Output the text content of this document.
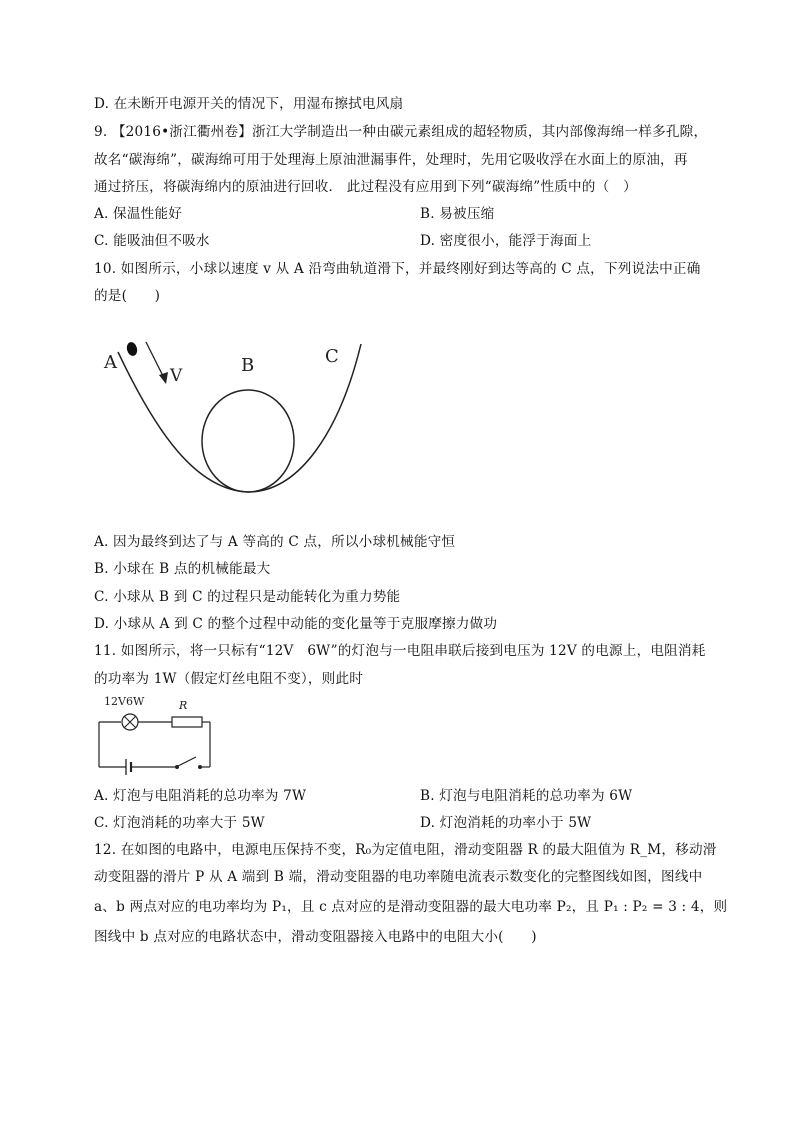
D. 在未断开电源开关的情况下，用湿布擦拭电风扇
9. 【2016•浙江衢州卷】浙江大学制造出一种由碳元素组成的超轻物质，其内部像海绵一样多孔隙，
故名“碳海绵”，碳海绵可用于处理海上原油泄漏事件，处理时，先用它吸收浮在水面上的原油，再
通过挤压，将碳海绵内的原油进行回收． 此过程没有应用到下列“碳海绵”性质中的（　）
A. 保温性能好	B. 易被压缩
C. 能吸油但不吸水	D. 密度很小，能浮于海面上
10. 如图所示，小球以速度 v 从 A 沿弯曲轨道滑下，并最终刚好到达等高的 C 点，下列说法中正确
的是(　　)
A
V	B	C
A. 因为最终到达了与 A 等高的 C 点，所以小球机械能守恒
B. 小球在 B 点的机械能最大
C. 小球从 B 到 C 的过程只是动能转化为重力势能
D. 小球从 A 到 C 的整个过程中动能的变化量等于克服摩擦力做功
11. 如图所示，将一只标有“12V　6W”的灯泡与一电阻串联后接到电压为 12V 的电源上，电阻消耗
的功率为 1W（假定灯丝电阻不变），则此时
12V6W	R
A. 灯泡与电阻消耗的总功率为 7W	B. 灯泡与电阻消耗的总功率为 6W
C. 灯泡消耗的功率大于 5W	D. 灯泡消耗的功率小于 5W
12. 在如图的电路中，电源电压保持不变，R₀为定值电阻，滑动变阻器 R 的最大阻值为 R_M，移动滑
动变阻器的滑片 P 从 A 端到 B 端，滑动变阻器的电功率随电流表示数变化的完整图线如图，图线中
a、b 两点对应的电功率均为 P₁，且 c 点对应的是滑动变阻器的最大电功率 P₂，且 P₁ : P₂ = 3 : 4，则
图线中 b 点对应的电路状态中，滑动变阻器接入电路中的电阻大小(　　)
